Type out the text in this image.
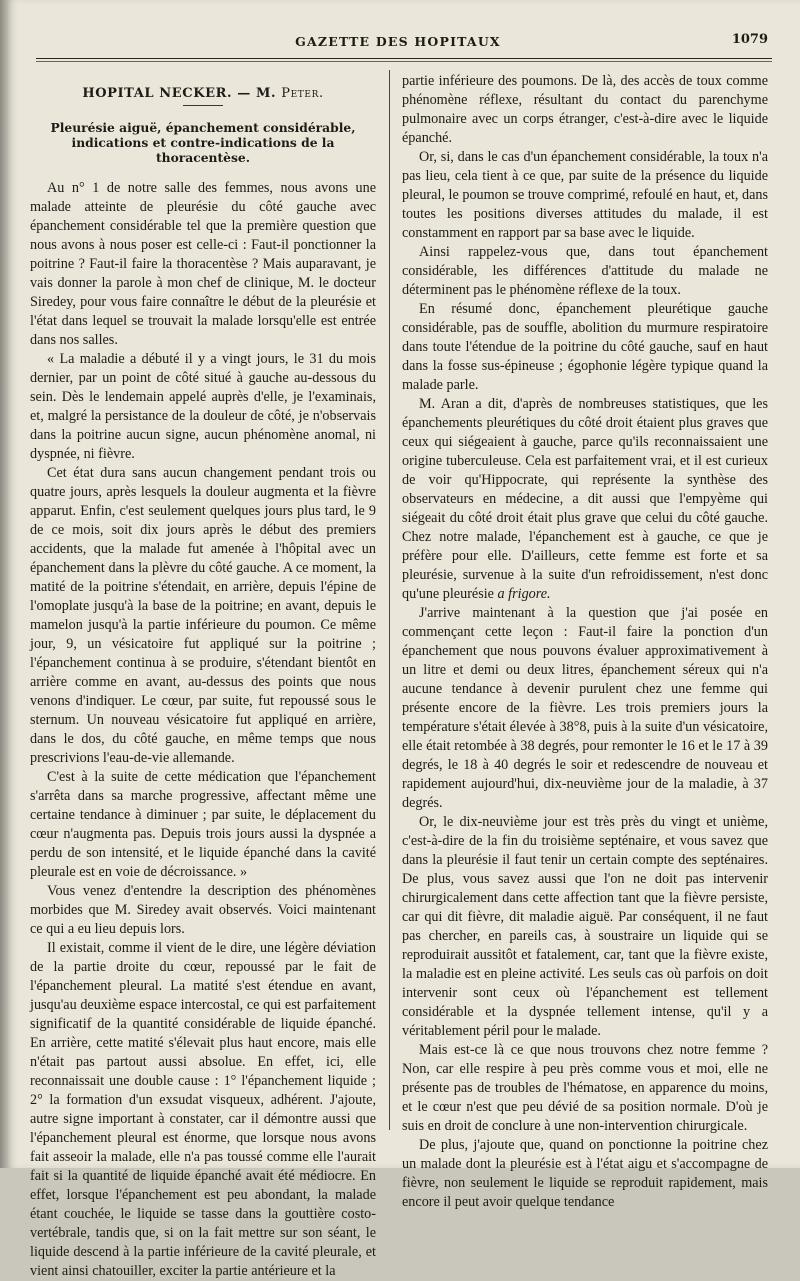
GAZETTE DES HOPITAUX	1079
HOPITAL NECKER. — M. Peter.
Pleurésie aiguë, épanchement considérable, indications et contre-indications de la thoracentèse.

Au n° 1 de notre salle des femmes, nous avons une malade atteinte de pleurésie du côté gauche avec épanchement considérable tel que la première question que nous avons à nous poser est celle-ci : Faut-il ponctionner la poitrine ? Faut-il faire la thoracentèse ? Mais auparavant, je vais donner la parole à mon chef de clinique, M. le docteur Siredey, pour vous faire connaître le début de la pleurésie et l'état dans lequel se trouvait la malade lorsqu'elle est entrée dans nos salles.

« La maladie a débuté il y a vingt jours, le 31 du mois dernier, par un point de côté situé à gauche au-dessous du sein. Dès le lendemain appelé auprès d'elle, je l'examinais, et, malgré la persistance de la douleur de côté, je n'observais dans la poitrine aucun signe, aucun phénomène anomal, ni dyspnée, ni fièvre.

Cet état dura sans aucun changement pendant trois ou quatre jours, après lesquels la douleur augmenta et la fièvre apparut. Enfin, c'est seulement quelques jours plus tard, le 9 de ce mois, soit dix jours après le début des premiers accidents, que la malade fut amenée à l'hôpital avec un épanchement dans la plèvre du côté gauche. A ce moment, la matité de la poitrine s'étendait, en arrière, depuis l'épine de l'omoplate jusqu'à la base de la poitrine; en avant, depuis le mamelon jusqu'à la partie inférieure du poumon. Ce même jour, 9, un vésicatoire fut appliqué sur la poitrine ; l'épanchement continua à se produire, s'étendant bientôt en arrière comme en avant, au-dessus des points que nous venons d'indiquer. Le cœur, par suite, fut repoussé sous le sternum. Un nouveau vésicatoire fut appliqué en arrière, dans le dos, du côté gauche, en même temps que nous prescrivions l'eau-de-vie allemande.

C'est à la suite de cette médication que l'épanchement s'arrêta dans sa marche progressive, affectant même une certaine tendance à diminuer ; par suite, le déplacement du cœur n'augmenta pas. Depuis trois jours aussi la dyspnée a perdu de son intensité, et le liquide épanché dans la cavité pleurale est en voie de décroissance. »

Vous venez d'entendre la description des phénomènes morbides que M. Siredey avait observés. Voici maintenant ce qui a eu lieu depuis lors.

Il existait, comme il vient de le dire, une légère déviation de la partie droite du cœur, repoussé par le fait de l'épanchement pleural. La matité s'est étendue en avant, jusqu'au deuxième espace intercostal, ce qui est parfaitement significatif de la quantité considérable de liquide épanché. En arrière, cette matité s'élevait plus haut encore, mais elle n'était pas partout aussi absolue. En effet, ici, elle reconnaissait une double cause : 1° l'épanchement liquide ; 2° la formation d'un exsudat visqueux, adhérent. J'ajoute, autre signe important à constater, car il démontre aussi que l'épanchement pleural est énorme, que lorsque nous avons fait asseoir la malade, elle n'a pas toussé comme elle l'aurait fait si la quantité de liquide épanché avait été médiocre. En effet, lorsque l'épanchement est peu abondant, la malade étant couchée, le liquide se tasse dans la gouttière costo-vertébrale, tandis que, si on la fait mettre sur son séant, le liquide descend à la partie inférieure de la cavité pleurale, et vient ainsi chatouiller, exciter la partie antérieure et la

partie inférieure des poumons. De là, des accès de toux comme phénomène réflexe, résultant du contact du parenchyme pulmonaire avec un corps étranger, c'est-à-dire avec le liquide épanché.

Or, si, dans le cas d'un épanchement considérable, la toux n'a pas lieu, cela tient à ce que, par suite de la présence du liquide pleural, le poumon se trouve comprimé, refoulé en haut, et, dans toutes les positions diverses attitudes du malade, il est constamment en rapport par sa base avec le liquide.

Ainsi rappelez-vous que, dans tout épanchement considérable, les différences d'attitude du malade ne déterminent pas le phénomène réflexe de la toux.

En résumé donc, épanchement pleurétique gauche considérable, pas de souffle, abolition du murmure respiratoire dans toute l'étendue de la poitrine du côté gauche, sauf en haut dans la fosse sus-épineuse ; égophonie légère typique quand la malade parle.

M. Aran a dit, d'après de nombreuses statistiques, que les épanchements pleurétiques du côté droit étaient plus graves que ceux qui siégeaient à gauche, parce qu'ils reconnaissaient une origine tuberculeuse. Cela est parfaitement vrai, et il est curieux de voir qu'Hippocrate, qui représente la synthèse des observateurs en médecine, a dit aussi que l'empyème qui siégeait du côté droit était plus grave que celui du côté gauche. Chez notre malade, l'épanchement est à gauche, ce que je préfère pour elle. D'ailleurs, cette femme est forte et sa pleurésie, survenue à la suite d'un refroidissement, n'est donc qu'une pleurésie a frigore.

J'arrive maintenant à la question que j'ai posée en commençant cette leçon : Faut-il faire la ponction d'un épanchement que nous pouvons évaluer approximativement à un litre et demi ou deux litres, épanchement séreux qui n'a aucune tendance à devenir purulent chez une femme qui présente encore de la fièvre. Les trois premiers jours la température s'était élevée à 38°8, puis à la suite d'un vésicatoire, elle était retombée à 38 degrés, pour remonter le 16 et le 17 à 39 degrés, le 18 à 40 degrés le soir et redescendre de nouveau et rapidement aujourd'hui, dix-neuvième jour de la maladie, à 37 degrés.

Or, le dix-neuvième jour est très près du vingt et unième, c'est-à-dire de la fin du troisième septénaire, et vous savez que dans la pleurésie il faut tenir un certain compte des septénaires. De plus, vous savez aussi que l'on ne doit pas intervenir chirurgicalement dans cette affection tant que la fièvre persiste, car qui dit fièvre, dit maladie aiguë. Par conséquent, il ne faut pas chercher, en pareils cas, à soustraire un liquide qui se reproduirait aussitôt et fatalement, car, tant que la fièvre existe, la maladie est en pleine activité. Les seuls cas où parfois on doit intervenir sont ceux où l'épanchement est tellement considérable et la dyspnée tellement intense, qu'il y a véritablement péril pour le malade.

Mais est-ce là ce que nous trouvons chez notre femme ? Non, car elle respire à peu près comme vous et moi, elle ne présente pas de troubles de l'hématose, en apparence du moins, et le cœur n'est que peu dévié de sa position normale. D'où je suis en droit de conclure à une non-intervention chirurgicale.

De plus, j'ajoute que, quand on ponctionne la poitrine chez un malade dont la pleurésie est à l'état aigu et s'accompagne de fièvre, non seulement le liquide se reproduit rapidement, mais encore il peut avoir quelque tendance
